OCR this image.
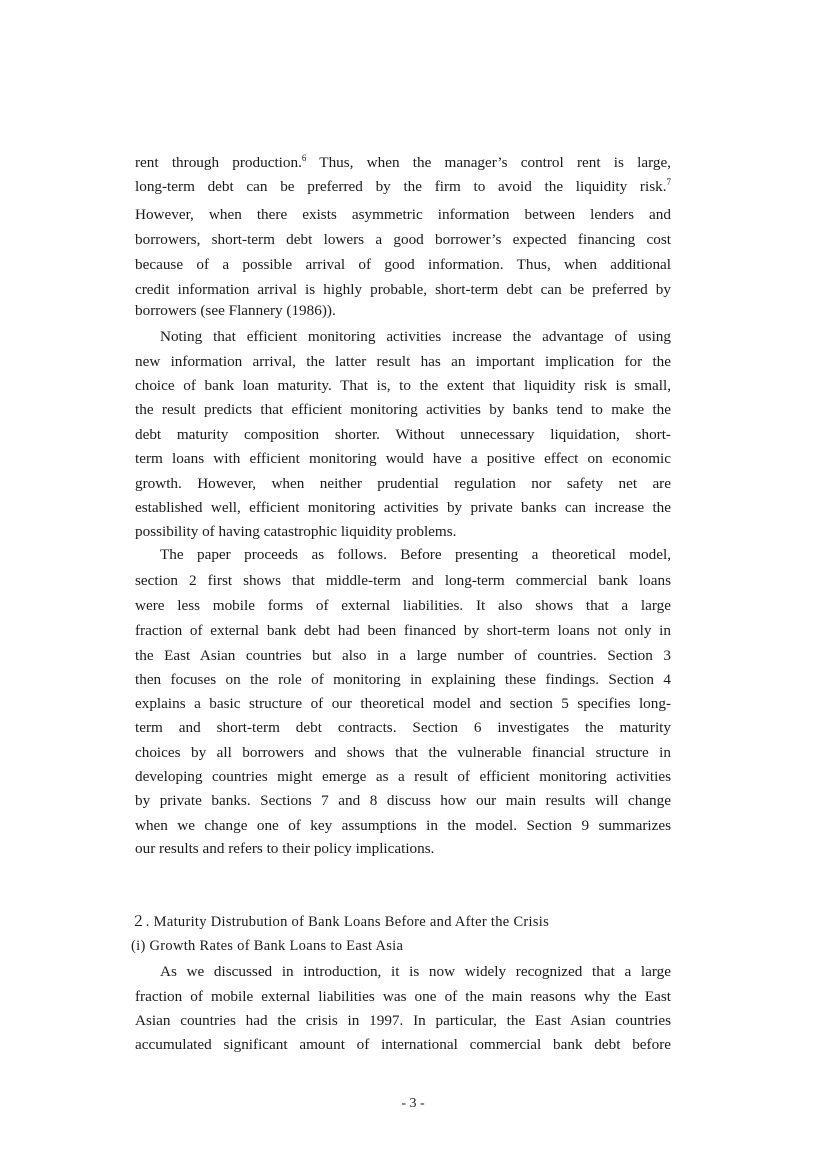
rent through production.$^6$ Thus, when the manager’s control rent is large,
long-term debt can be preferred by the firm to avoid the liquidity risk.$^7$
However, when there exists asymmetric information between lenders and
borrowers, short-term debt lowers a good borrower’s expected financing cost
because of a possible arrival of good information. Thus, when additional
credit information arrival is highly probable, short-term debt can be preferred by
borrowers (see Flannery (1986)).
Noting that efficient monitoring activities increase the advantage of using
new information arrival, the latter result has an important implication for the
choice of bank loan maturity. That is, to the extent that liquidity risk is small,
the result predicts that efficient monitoring activities by banks tend to make the
debt maturity composition shorter. Without unnecessary liquidation, short-
term loans with efficient monitoring would have a positive effect on economic
growth. However, when neither prudential regulation nor safety net are
established well, efficient monitoring activities by private banks can increase the
possibility of having catastrophic liquidity problems.
The paper proceeds as follows. Before presenting a theoretical model,
section 2 first shows that middle-term and long-term commercial bank loans
were less mobile forms of external liabilities. It also shows that a large
fraction of external bank debt had been financed by short-term loans not only in
the East Asian countries but also in a large number of countries. Section 3
then focuses on the role of monitoring in explaining these findings. Section 4
explains a basic structure of our theoretical model and section 5 specifies long-
term and short-term debt contracts. Section 6 investigates the maturity
choices by all borrowers and shows that the vulnerable financial structure in
developing countries might emerge as a result of efficient monitoring activities
by private banks. Sections 7 and 8 discuss how our main results will change
when we change one of key assumptions in the model. Section 9 summarizes
our results and refers to their policy implications.
２. Maturity Distrubution of Bank Loans Before and After the Crisis
(i) Growth Rates of Bank Loans to East Asia
As we discussed in introduction, it is now widely recognized that a large
fraction of mobile external liabilities was one of the main reasons why the East
Asian countries had the crisis in 1997. In particular, the East Asian countries
accumulated significant amount of international commercial bank debt before
- 3 -
